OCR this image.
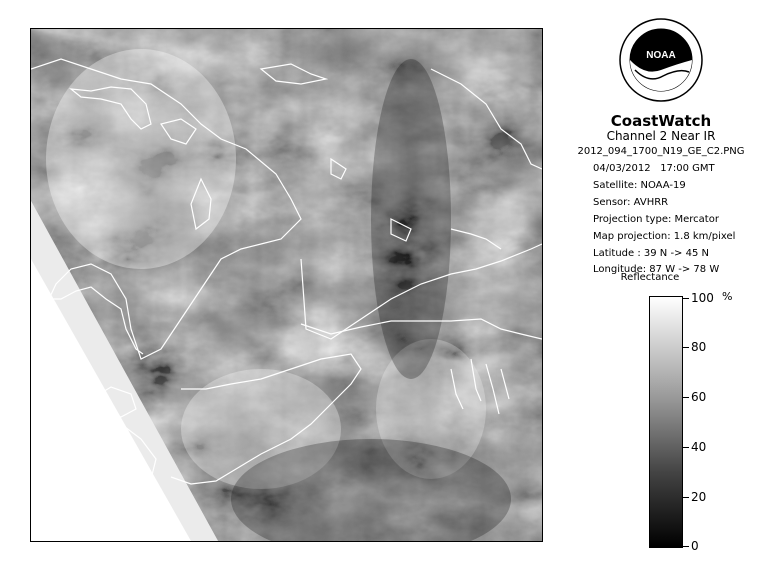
NOAA
CoastWatch
Channel 2 Near IR
2012_094_1700_N19_GE_C2.PNG
04/03/2012 17:00 GMT
Satellite: NOAA-19
Sensor: AVHRR
Projection type: Mercator
Map projection: 1.8 km/pixel
Latitude : 39 N -> 45 N
Longitude: 87 W -> 78 W
Reflectance
%
100
80
60
40
20
0
